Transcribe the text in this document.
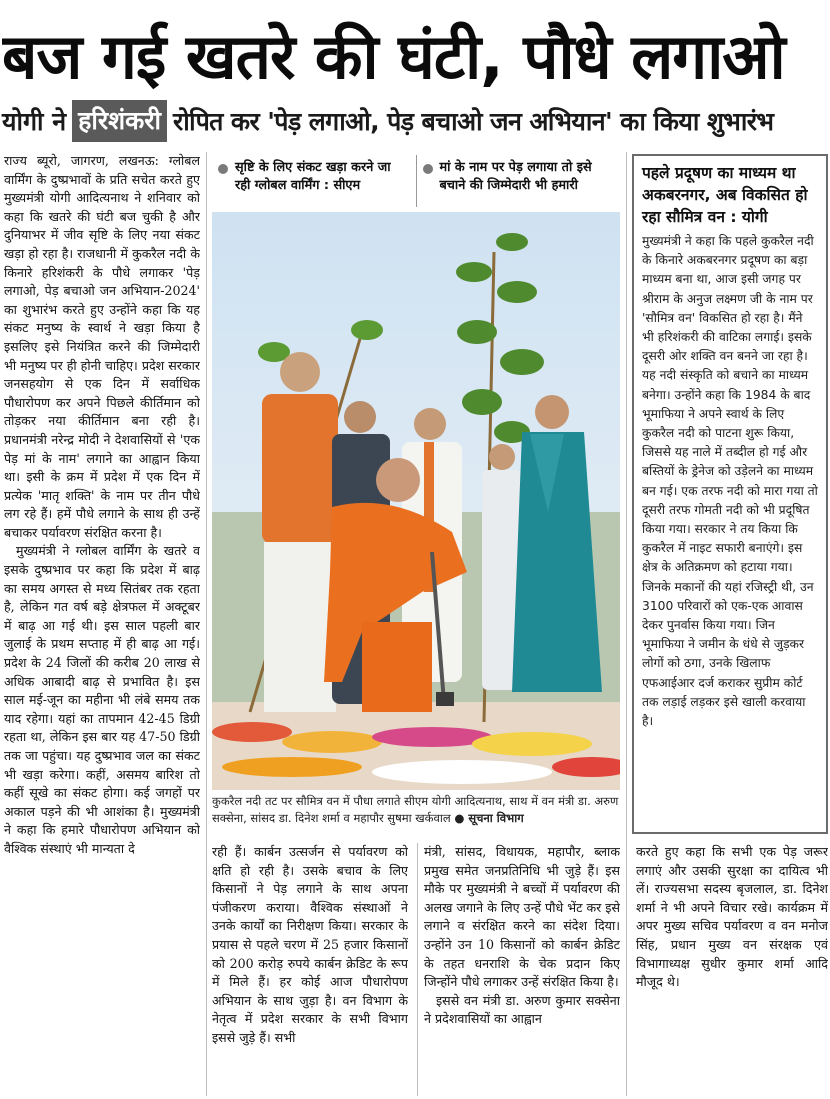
बज गई खतरे की घंटी, पौधे लगाओ
योगी ने हरिशंकरी रोपित कर 'पेड़ लगाओ, पेड़ बचाओ जन अभियान' का किया शुभारंभ

राज्य ब्यूरो, जागरण, लखनऊ: ग्लोबल वार्मिंग के दुष्प्रभावों के प्रति सचेत करते हुए मुख्यमंत्री योगी आदित्यनाथ ने शनिवार को कहा कि खतरे की घंटी बज चुकी है और दुनियाभर में जीव सृष्टि के लिए नया संकट खड़ा हो रहा है। राजधानी में कुकरैल नदी के किनारे हरिशंकरी के पौधे लगाकर 'पेड़ लगाओ, पेड़ बचाओ जन अभियान-2024' का शुभारंभ करते हुए उन्होंने कहा कि यह संकट मनुष्य के स्वार्थ ने खड़ा किया है इसलिए इसे नियंत्रित करने की जिम्मेदारी भी मनुष्य पर ही होनी चाहिए। प्रदेश सरकार जनसहयोग से एक दिन में सर्वाधिक पौधारोपण कर अपने पिछले कीर्तिमान को तोड़कर नया कीर्तिमान बना रही है। प्रधानमंत्री नरेन्द्र मोदी ने देशवासियों से 'एक पेड़ मां के नाम' लगाने का आह्वान किया था। इसी के क्रम में प्रदेश में एक दिन में प्रत्येक 'मातृ शक्ति' के नाम पर तीन पौधे लग रहे हैं। हमें पौधे लगाने के साथ ही उन्हें बचाकर पर्यावरण संरक्षित करना है।

मुख्यमंत्री ने ग्लोबल वार्मिंग के खतरे व इसके दुष्प्रभाव पर कहा कि प्रदेश में बाढ़ का समय अगस्त से मध्य सितंबर तक रहता है, लेकिन गत वर्ष बड़े क्षेत्रफल में अक्टूबर में बाढ़ आ गई थी। इस साल पहली बार जुलाई के प्रथम सप्ताह में ही बाढ़ आ गई। प्रदेश के 24 जिलों की करीब 20 लाख से अधिक आबादी बाढ़ से प्रभावित है। इस साल मई-जून का महीना भी लंबे समय तक याद रहेगा। यहां का तापमान 42-45 डिग्री रहता था, लेकिन इस बार यह 47-50 डिग्री तक जा पहुंचा। यह दुष्प्रभाव जल का संकट भी खड़ा करेगा। कहीं, असमय बारिश तो कहीं सूखे का संकट होगा। कई जगहों पर अकाल पड़ने की भी आशंका है। मुख्यमंत्री ने कहा कि हमारे पौधारोपण अभियान को वैश्विक संस्थाएं भी मान्यता दे

सृष्टि के लिए संकट खड़ा करने जा रही ग्लोबल वार्मिंग : सीएम
मां के नाम पर पेड़ लगाया तो इसे बचाने की जिम्मेदारी भी हमारी
कुकरैल नदी तट पर सौमित्र वन में पौधा लगाते सीएम योगी आदित्यनाथ, साथ में वन मंत्री डा. अरुण सक्सेना, सांसद डा. दिनेश शर्मा व महापौर सुषमा खर्कवाल ● सूचना विभाग
पहले प्रदूषण का माध्यम था अकबरनगर, अब विकसित हो रहा सौमित्र वन : योगी

मुख्यमंत्री ने कहा कि पहले कुकरैल नदी के किनारे अकबरनगर प्रदूषण का बड़ा माध्यम बना था, आज इसी जगह पर श्रीराम के अनुज लक्ष्मण जी के नाम पर 'सौमित्र वन' विकसित हो रहा है। मैंने भी हरिशंकरी की वाटिका लगाई। इसके दूसरी ओर शक्ति वन बनने जा रहा है। यह नदी संस्कृति को बचाने का माध्यम बनेगा। उन्होंने कहा कि 1984 के बाद भूमाफिया ने अपने स्वार्थ के लिए कुकरैल नदी को पाटना शुरू किया, जिससे यह नाले में तब्दील हो गई और बस्तियों के ड्रेनेज को उड़ेलने का माध्यम बन गई। एक तरफ नदी को मारा गया तो दूसरी तरफ गोमती नदी को भी प्रदूषित किया गया। सरकार ने तय किया कि कुकरैल में नाइट सफारी बनाएंगे। इस क्षेत्र के अतिक्रमण को हटाया गया। जिनके मकानों की यहां रजिस्ट्री थी, उन 3100 परिवारों को एक-एक आवास देकर पुनर्वास किया गया। जिन भूमाफिया ने जमीन के धंधे से जुड़कर लोगों को ठगा, उनके खिलाफ एफआईआर दर्ज कराकर सुप्रीम कोर्ट तक लड़ाई लड़कर इसे खाली करवाया है।

रही हैं। कार्बन उत्सर्जन से पर्यावरण को क्षति हो रही है। उसके बचाव के लिए किसानों ने पेड़ लगाने के साथ अपना पंजीकरण कराया। वैश्विक संस्थाओं ने उनके कार्यों का निरीक्षण किया। सरकार के प्रयास से पहले चरण में 25 हजार किसानों को 200 करोड़ रुपये कार्बन क्रेडिट के रूप में मिले हैं। हर कोई आज पौधारोपण अभियान के साथ जुड़ा है। वन विभाग के नेतृत्व में प्रदेश सरकार के सभी विभाग इससे जुड़े हैं। सभी

मंत्री, सांसद, विधायक, महापौर, ब्लाक प्रमुख समेत जनप्रतिनिधि भी जुड़े हैं। इस मौके पर मुख्यमंत्री ने बच्चों में पर्यावरण की अलख जगाने के लिए उन्हें पौधे भेंट कर इसे लगाने व संरक्षित करने का संदेश दिया। उन्होंने उन 10 किसानों को कार्बन क्रेडिट के तहत धनराशि के चेक प्रदान किए जिन्होंने पौधे लगाकर उन्हें संरक्षित किया है।

इससे वन मंत्री डा. अरुण कुमार सक्सेना ने प्रदेशवासियों का आह्वान

करते हुए कहा कि सभी एक पेड़ जरूर लगाएं और उसकी सुरक्षा का दायित्व भी लें। राज्यसभा सदस्य बृजलाल, डा. दिनेश शर्मा ने भी अपने विचार रखे। कार्यक्रम में अपर मुख्य सचिव पर्यावरण व वन मनोज सिंह, प्रधान मुख्य वन संरक्षक एवं विभागाध्यक्ष सुधीर कुमार शर्मा आदि मौजूद थे।
